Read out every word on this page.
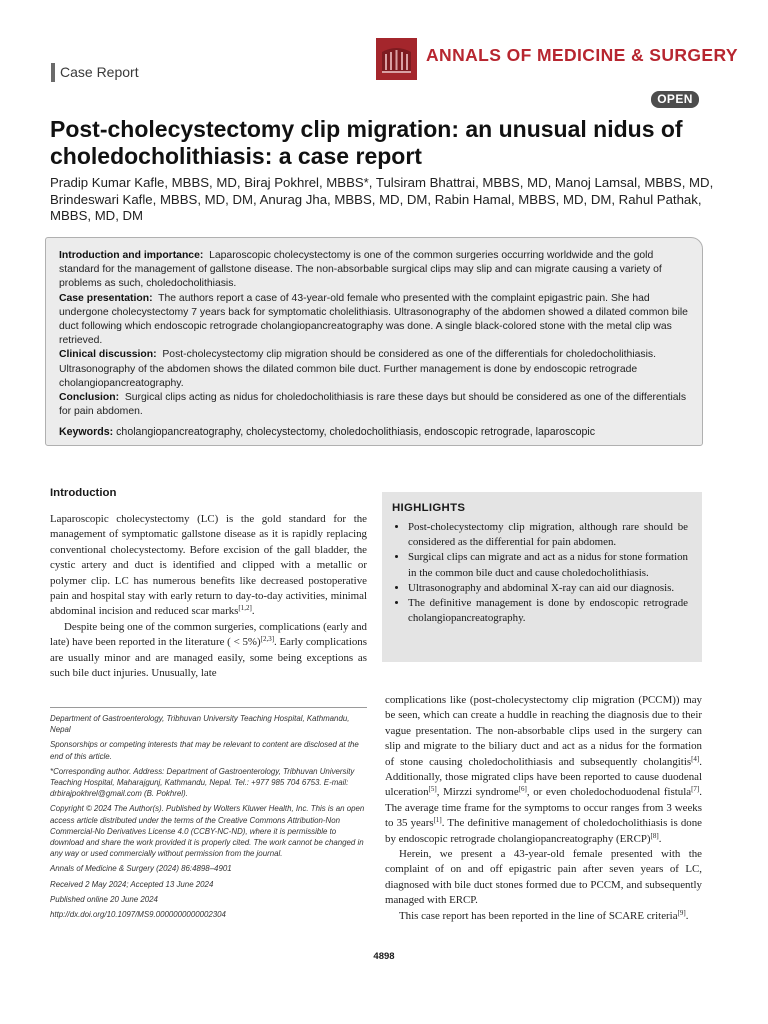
Case Report
ANNALS OF MEDICINE & SURGERY
OPEN
Post-cholecystectomy clip migration: an unusual nidus of choledocholithiasis: a case report
Pradip Kumar Kafle, MBBS, MD, Biraj Pokhrel, MBBS*, Tulsiram Bhattrai, MBBS, MD, Manoj Lamsal, MBBS, MD, Brindeswari Kafle, MBBS, MD, DM, Anurag Jha, MBBS, MD, DM, Rabin Hamal, MBBS, MD, DM, Rahul Pathak, MBBS, MD, DM

Introduction and importance: Laparoscopic cholecystectomy is one of the common surgeries occurring worldwide and the gold standard for the management of gallstone disease. The non-absorbable surgical clips may slip and can migrate causing a variety of problems as such, choledocholithiasis.

Case presentation: The authors report a case of 43-year-old female who presented with the complaint epigastric pain. She had undergone cholecystectomy 7 years back for symptomatic cholelithiasis. Ultrasonography of the abdomen showed a dilated common bile duct following which endoscopic retrograde cholangiopancreatography was done. A single black-colored stone with the metal clip was retrieved.

Clinical discussion: Post-cholecystectomy clip migration should be considered as one of the differentials for choledocholithiasis. Ultrasonography of the abdomen shows the dilated common bile duct. Further management is done by endoscopic retrograde cholangiopancreatography.

Conclusion: Surgical clips acting as nidus for choledocholithiasis is rare these days but should be considered as one of the differentials for pain abdomen.

Keywords: cholangiopancreatography, cholecystectomy, choledocholithiasis, endoscopic retrograde, laparoscopic

Introduction

Laparoscopic cholecystectomy (LC) is the gold standard for the management of symptomatic gallstone disease as it is rapidly replacing conventional cholecystectomy. Before excision of the gall bladder, the cystic artery and duct is identified and clipped with a metallic or polymer clip. LC has numerous benefits like decreased postoperative pain and hospital stay with early return to day-to-day activities, minimal abdominal incision and reduced scar marks[1,2].

Despite being one of the common surgeries, complications (early and late) have been reported in the literature ( < 5%)[2,3]. Early complications are usually minor and are managed easily, some being exceptions as such bile duct injuries. Unusually, late

HIGHLIGHTS
• Post-cholecystectomy clip migration, although rare should be considered as the differential for pain abdomen.
• Surgical clips can migrate and act as a nidus for stone formation in the common bile duct and cause choledocholithiasis.
• Ultrasonography and abdominal X-ray can aid our diagnosis.
• The definitive management is done by endoscopic retrograde cholangiopancreatography.

Department of Gastroenterology, Tribhuvan University Teaching Hospital, Kathmandu, Nepal

Sponsorships or competing interests that may be relevant to content are disclosed at the end of this article.

*Corresponding author. Address: Department of Gastroenterology, Tribhuvan University Teaching Hospital, Maharajgunj, Kathmandu, Nepal. Tel.: +977 985 704 6753. E-mail: drbirajpokhrel@gmail.com (B. Pokhrel).

Copyright © 2024 The Author(s). Published by Wolters Kluwer Health, Inc. This is an open access article distributed under the terms of the Creative Commons Attribution-Non Commercial-No Derivatives License 4.0 (CCBY-NC-ND), where it is permissible to download and share the work provided it is properly cited. The work cannot be changed in any way or used commercially without permission from the journal.

Annals of Medicine & Surgery (2024) 86:4898–4901

Received 2 May 2024; Accepted 13 June 2024

Published online 20 June 2024

http://dx.doi.org/10.1097/MS9.0000000000002304

complications like (post-cholecystectomy clip migration (PCCM)) may be seen, which can create a huddle in reaching the diagnosis due to their vague presentation. The non-absorbable clips used in the surgery can slip and migrate to the biliary duct and act as a nidus for the formation of stone causing choledocholithiasis and subsequently cholangitis[4]. Additionally, those migrated clips have been reported to cause duodenal ulceration[5], Mirzzi syndrome[6], or even choledochoduodenal fistula[7]. The average time frame for the symptoms to occur ranges from 3 weeks to 35 years[1]. The definitive management of choledocholithiasis is done by endoscopic retrograde cholangiopancreatography (ERCP)[8].

Herein, we present a 43-year-old female presented with the complaint of on and off epigastric pain after seven years of LC, diagnosed with bile duct stones formed due to PCCM, and subsequently managed with ERCP.

This case report has been reported in the line of SCARE criteria[9].

4898
